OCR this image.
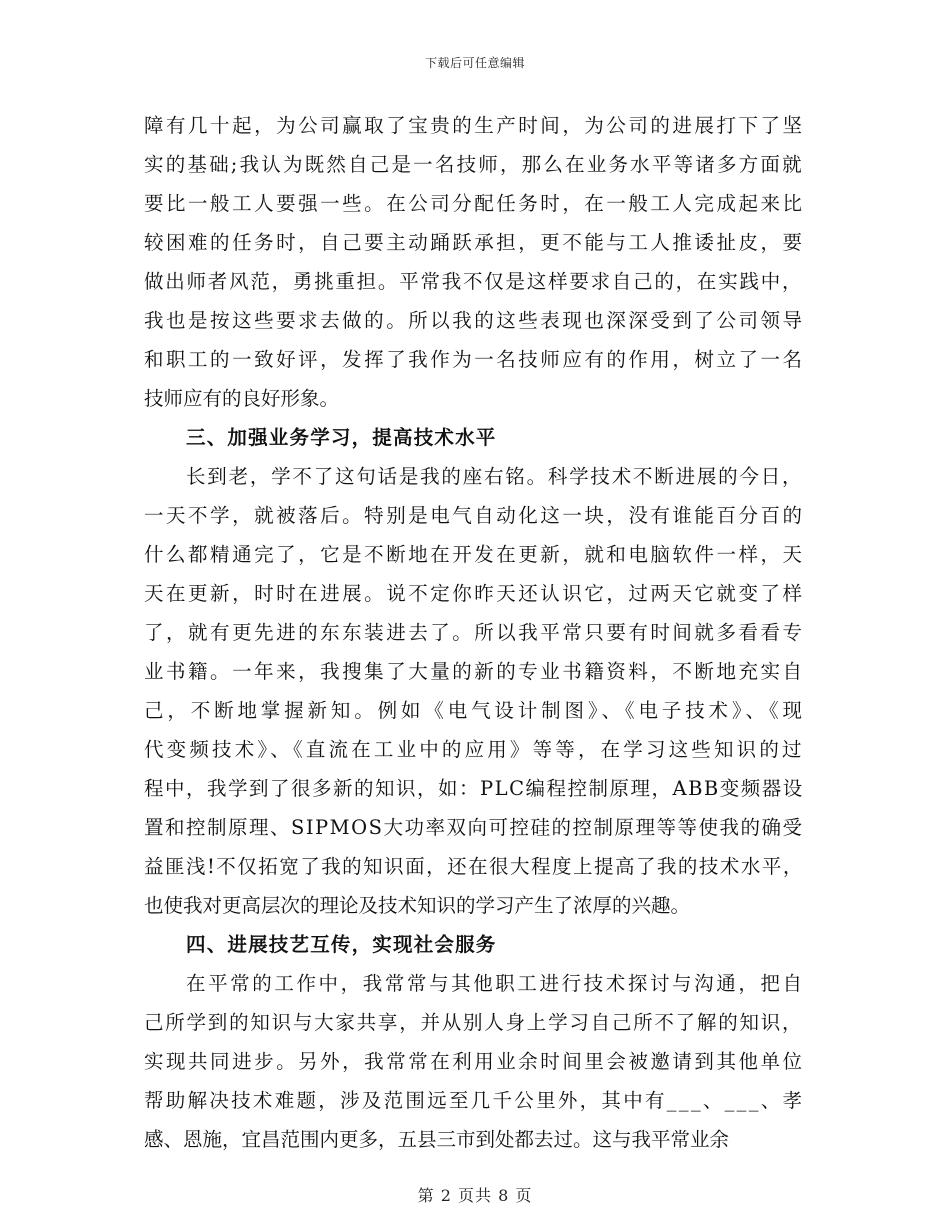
下载后可任意编辑
障有几十起，为公司赢取了宝贵的生产时间，为公司的进展打下了坚
实的基础;我认为既然自己是一名技师，那么在业务水平等诸多方面就
要比一般工人要强一些。在公司分配任务时，在一般工人完成起来比
较困难的任务时，自己要主动踊跃承担，更不能与工人推诿扯皮，要
做出师者风范，勇挑重担。平常我不仅是这样要求自己的，在实践中，
我也是按这些要求去做的。所以我的这些表现也深深受到了公司领导
和职工的一致好评，发挥了我作为一名技师应有的作用，树立了一名
技师应有的良好形象。
三、加强业务学习，提高技术水平
长到老，学不了这句话是我的座右铭。科学技术不断进展的今日，
一天不学，就被落后。特别是电气自动化这一块，没有谁能百分百的
什么都精通完了，它是不断地在开发在更新，就和电脑软件一样，天
天在更新，时时在进展。说不定你昨天还认识它，过两天它就变了样
了，就有更先进的东东装进去了。所以我平常只要有时间就多看看专
业书籍。一年来，我搜集了大量的新的专业书籍资料，不断地充实自
己，不断地掌握新知。例如《电气设计制图》、《电子技术》、《现
代变频技术》、《直流在工业中的应用》等等，在学习这些知识的过
程中，我学到了很多新的知识，如：PLC编程控制原理，ABB变频器设
置和控制原理、SIPMOS大功率双向可控硅的控制原理等等使我的确受
益匪浅!不仅拓宽了我的知识面，还在很大程度上提高了我的技术水平，
也使我对更高层次的理论及技术知识的学习产生了浓厚的兴趣。
四、进展技艺互传，实现社会服务
在平常的工作中，我常常与其他职工进行技术探讨与沟通，把自
己所学到的知识与大家共享，并从别人身上学习自己所不了解的知识，
实现共同进步。另外，我常常在利用业余时间里会被邀请到其他单位
帮助解决技术难题，涉及范围远至几千公里外，其中有___、___、孝
感、恩施，宜昌范围内更多，五县三市到处都去过。这与我平常业余
第 2 页共 8 页
